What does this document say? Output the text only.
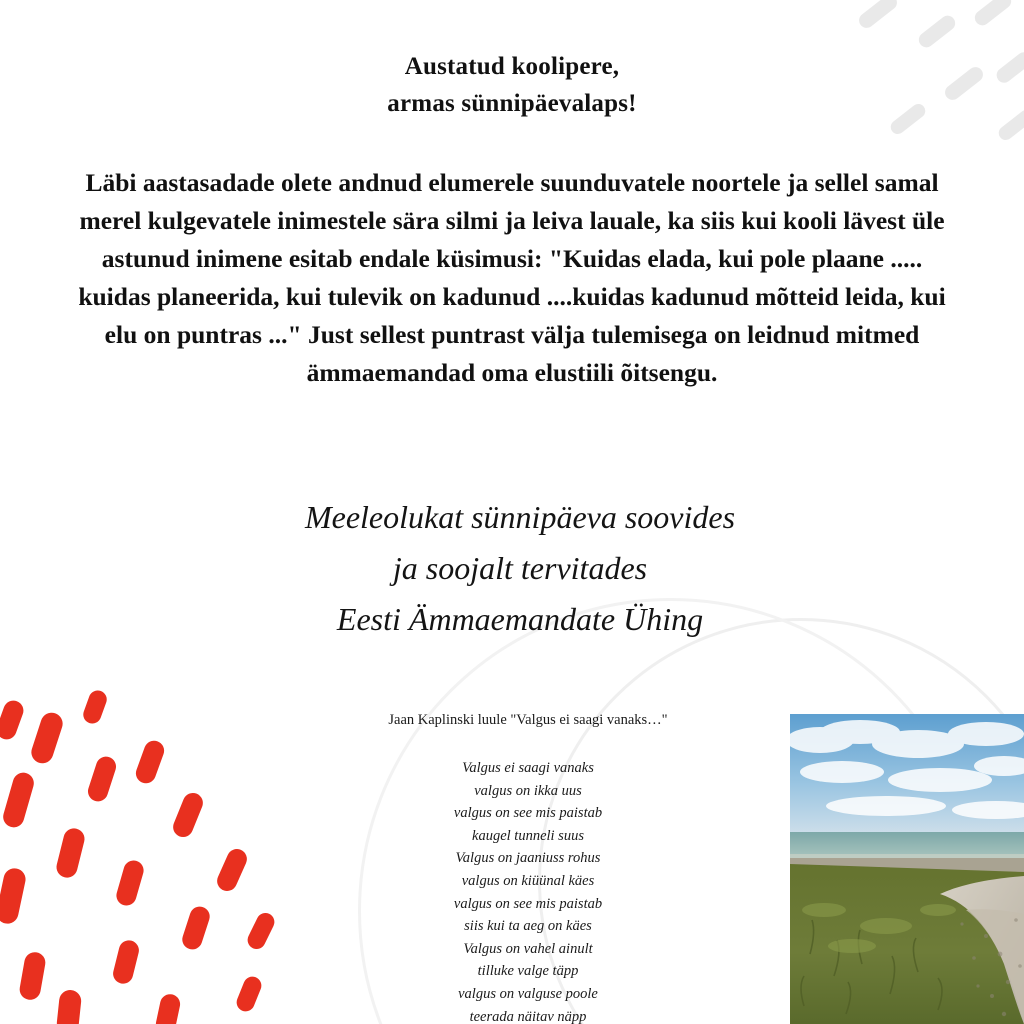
Austatud koolipere,
armas sünnipäevalaps!
Läbi aastasadade olete andnud elumerele suunduvatele noortele ja sellel samal merel kulgevatele inimestele sära silmi ja leiva lauale, ka siis kui kooli lävest üle astunud inimene esitab endale küsimusi: "Kuidas elada, kui pole plaane ..... kuidas planeerida, kui tulevik on kadunud ....kuidas kadunud mõtteid leida, kui elu on puntras ..." Just sellest puntrast välja tulemisega on leidnud mitmed ämmaemandad oma elustiili õitsengu.
Meeleolukat sünnipäeva soovides
ja soojalt tervitades
Eesti Ämmaemandate Ühing
Jaan Kaplinski luule "Valgus ei saagi vanaks…"
Valgus ei saagi vanaks
valgus on ikka uus
valgus on see mis paistab
kaugel tunneli suus
Valgus on jaaniuss rohus
valgus on kiüünal käes
valgus on see mis paistab
siis kui ta aeg on käes
Valgus on vahel ainult
tilluke valge täpp
valgus on valguse poole
teerada näitav näpp
